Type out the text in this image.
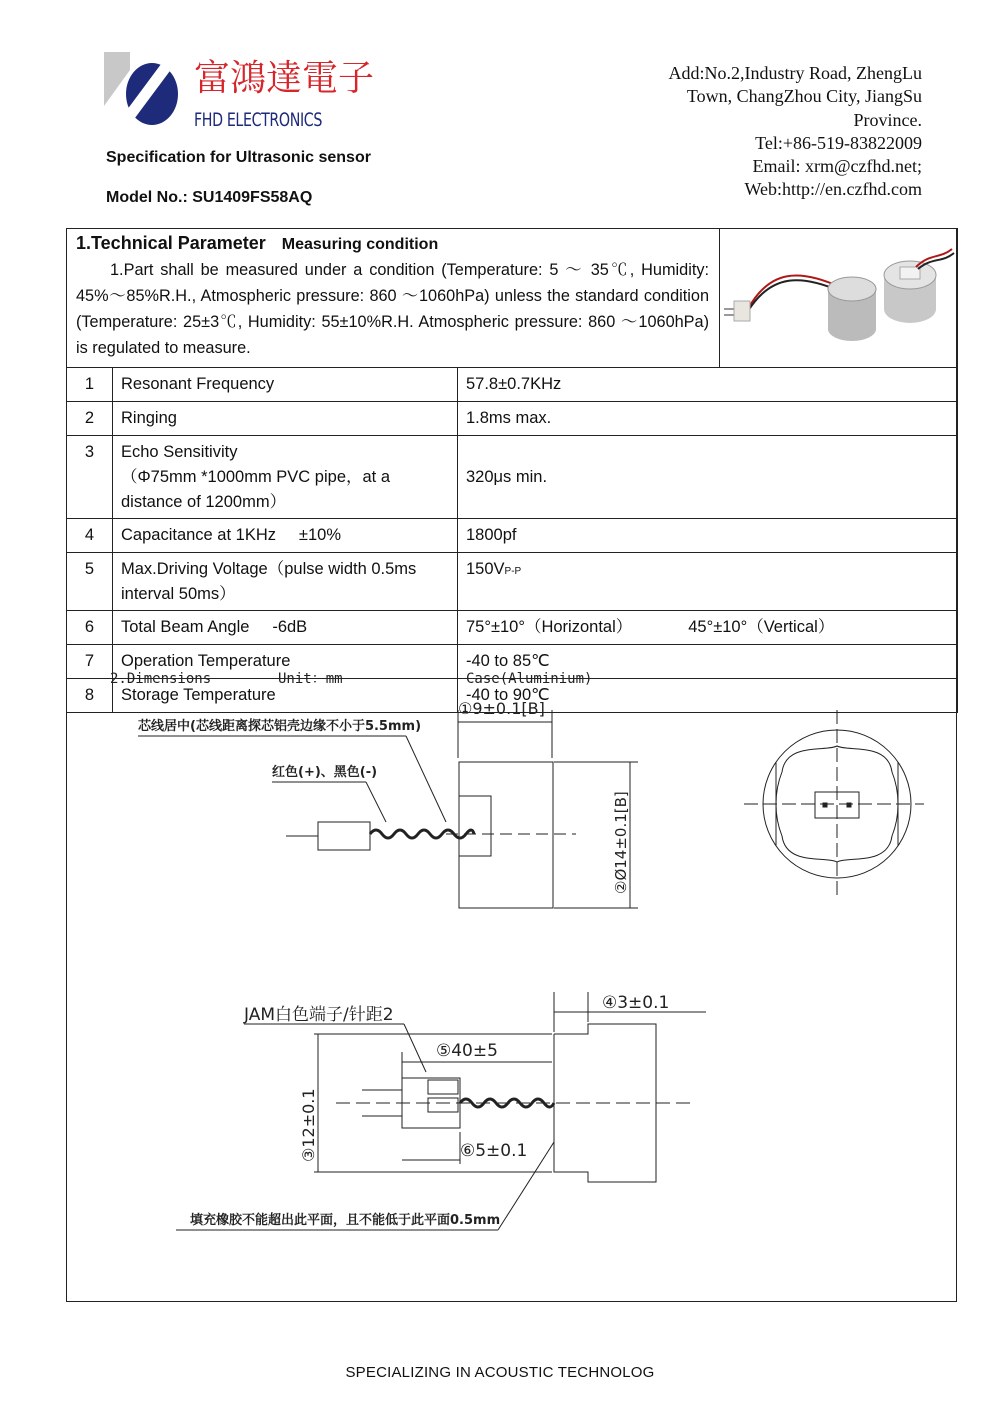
富鴻達電子
FHD ELECTRONICS
Specification for Ultrasonic sensor
Model No.: SU1409FS58AQ
Add:No.2,Industry Road, ZhengLu
Town, ChangZhou City, JiangSu
Province.
Tel:+86-519-83822009
Email: xrm@czfhd.net;
Web:http://en.czfhd.com
1.Technical Parameter Measuring condition
1.Part shall be measured under a condition (Temperature: 5 ～ 35℃, Humidity: 45%～85%R.H., Atmospheric pressure: 860 ～1060hPa) unless the standard condition (Temperature: 25±3℃, Humidity: 55±10%R.H. Atmospheric pressure: 860 ～1060hPa) is regulated to measure.

1	Resonant Frequency	57.8±0.7KHz	
2	Ringing	1.8ms max.	
3	Echo Sensitivity
（Φ75mm *1000mm PVC pipe，at a
distance of 1200mm）	320μs min.	
4	Capacitance at 1KHz     ±10%	1800pf	
5	Max.Driving Voltage（pulse width 0.5ms
interval 50ms）	150VP-P	
6	Total Beam Angle     -6dB	75°±10°（Horizontal） 45°±10°（Vertical）	
7	Operation Temperature	-40 to 85℃	
8	Storage Temperature	-40 to 90℃	
2.Dimensions	Unit：mm	Case(Aluminium)
芯线居中(芯线距离探芯铝壳边缘不小于5.5mm)
红色(+)、黑色(-)
①9±0.1[B]
②Ø14±0.1[B]
JAM白色端子/针距2
④3±0.1
⑤40±5
③12±0.1	⑥5±0.1
填充橡胶不能超出此平面，且不能低于此平面0.5mm
SPECIALIZING IN ACOUSTIC TECHNOLOG
